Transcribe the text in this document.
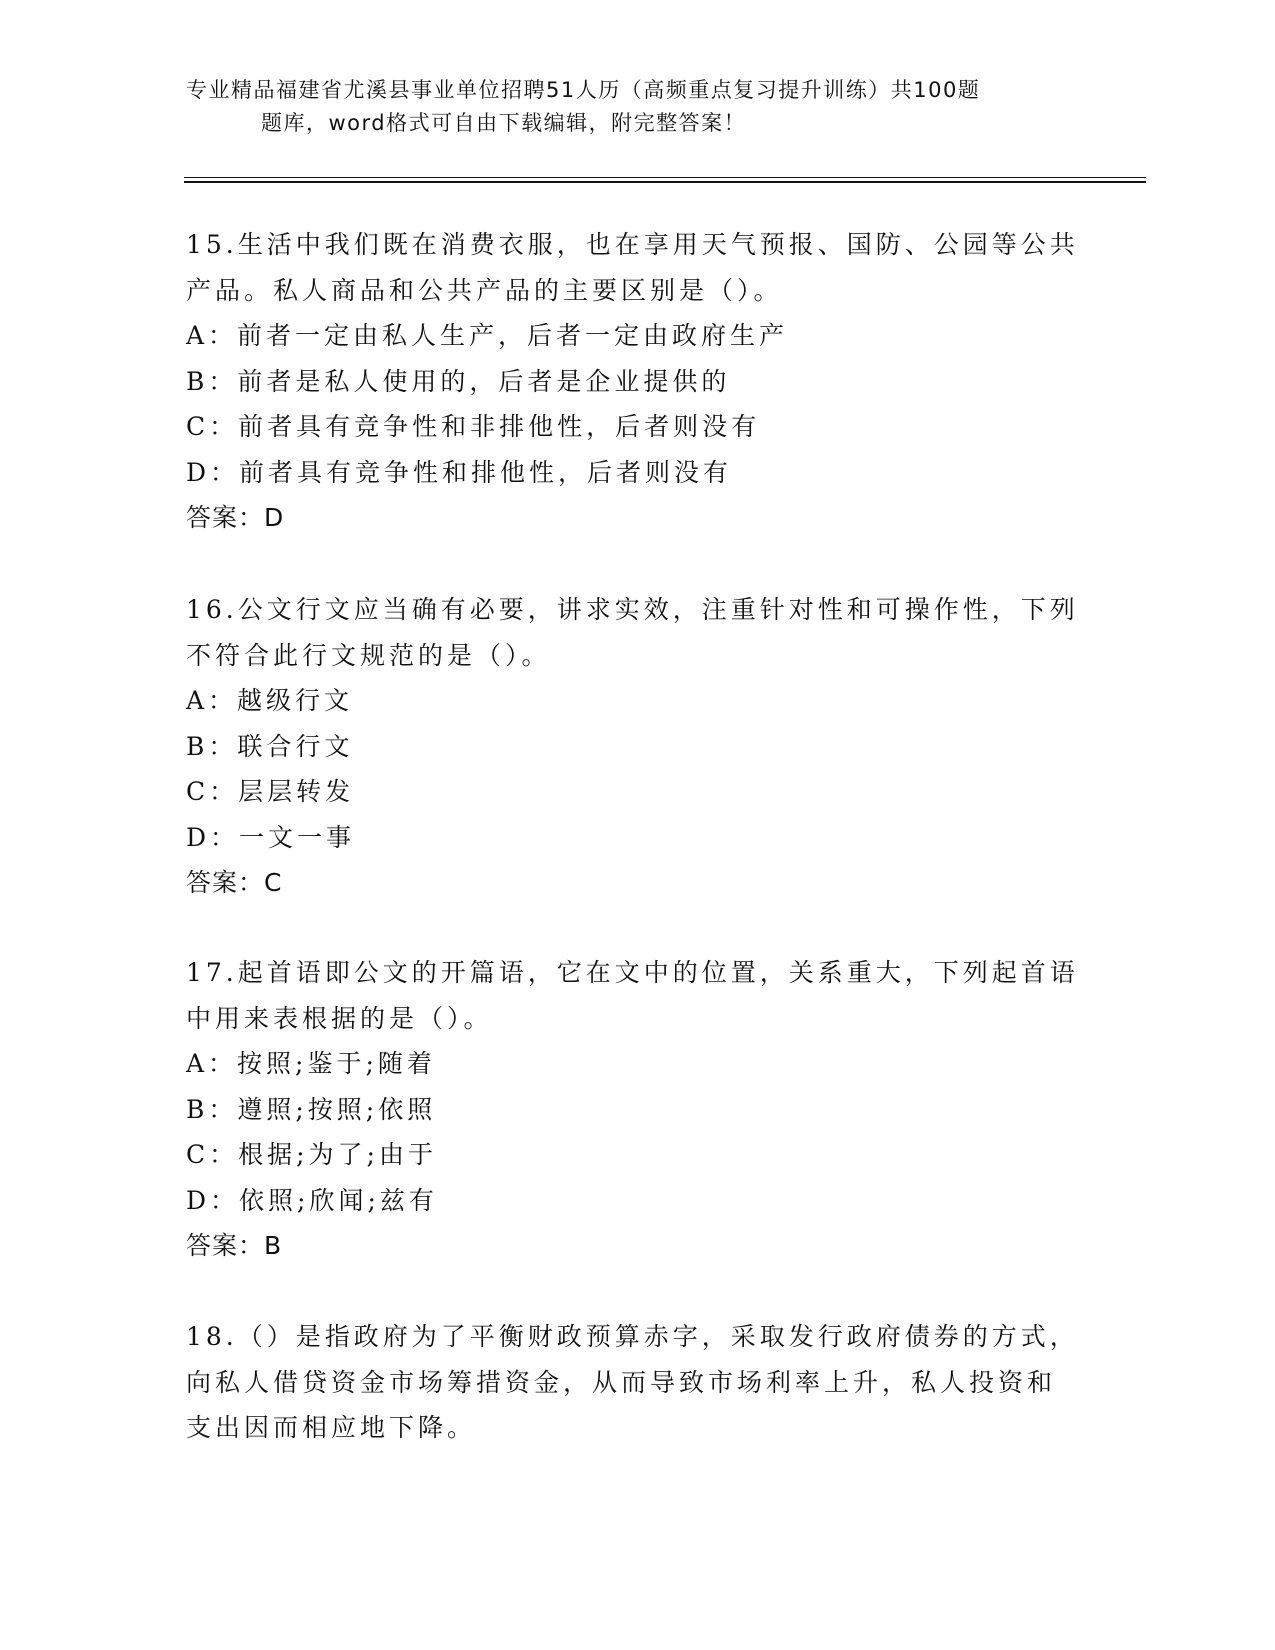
专业精品福建省尤溪县事业单位招聘51人历（高频重点复习提升训练）共100题
题库，word格式可自由下载编辑，附完整答案！
15.生活中我们既在消费衣服，也在享用天气预报、国防、公园等公共
产品。私人商品和公共产品的主要区别是（）。
A：前者一定由私人生产，后者一定由政府生产
B：前者是私人使用的，后者是企业提供的
C：前者具有竞争性和非排他性，后者则没有
D：前者具有竞争性和排他性，后者则没有
答案：D
16.公文行文应当确有必要，讲求实效，注重针对性和可操作性，下列
不符合此行文规范的是（）。
A：越级行文
B：联合行文
C：层层转发
D：一文一事
答案：C
17.起首语即公文的开篇语，它在文中的位置，关系重大，下列起首语
中用来表根据的是（）。
A：按照;鉴于;随着
B：遵照;按照;依照
C：根据;为了;由于
D：依照;欣闻;兹有
答案：B
18.（）是指政府为了平衡财政预算赤字，采取发行政府债券的方式，
向私人借贷资金市场筹措资金，从而导致市场利率上升，私人投资和
支出因而相应地下降。
